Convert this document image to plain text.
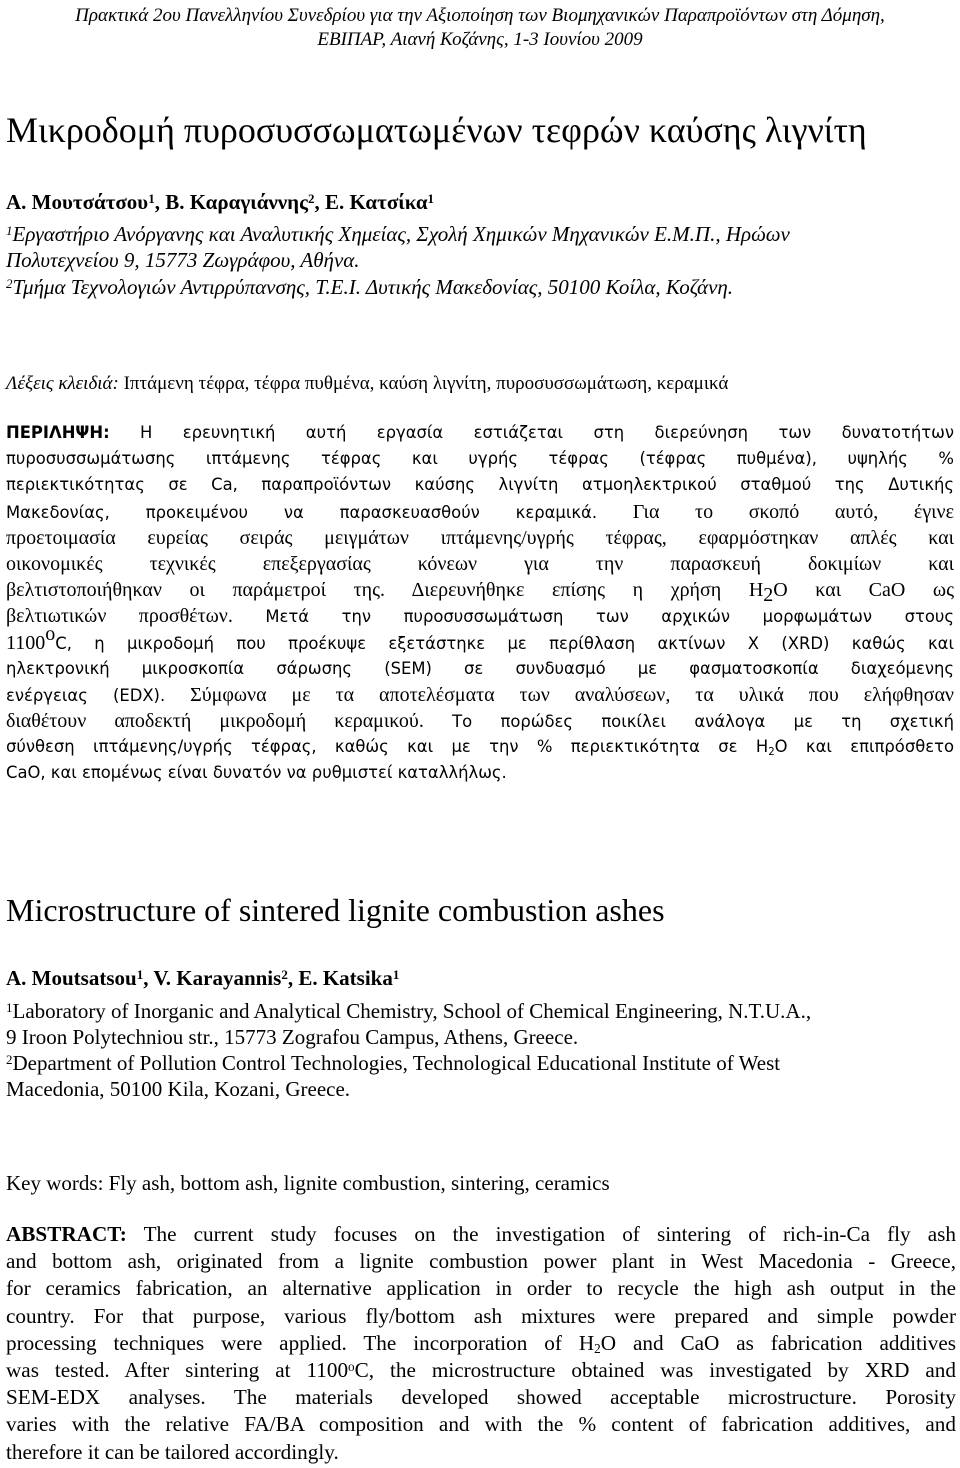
Πρακτικά 2ου Πανελληνίου Συνεδρίου για την Αξιοποίηση των Βιομηχανικών Παραπροϊόντων στη Δόμηση,
ΕΒΙΠΑΡ, Αιανή Κοζάνης, 1-3 Ιουνίου 2009
Μικροδομή πυροσυσσωματωμένων τεφρών καύσης λιγνίτη
Α. Μουτσάτσου$^1$, Β. Καραγιάννης$^2$, Ε. Κατσίκα$^1$
$^1$Εργαστήριο Ανόργανης και Αναλυτικής Χημείας, Σχολή Χημικών Μηχανικών Ε.Μ.Π., Ηρώων
Πολυτεχνείου 9, 15773 Ζωγράφου, Αθήνα.
$^2$Τμήμα Τεχνολογιών Αντιρρύπανσης, Τ.Ε.Ι. Δυτικής Μακεδονίας, 50100 Κοίλα, Κοζάνη.
Λέξεις κλειδιά: Ιπτάμενη τέφρα, τέφρα πυθμένα, καύση λιγνίτη, πυροσυσσωμάτωση, κεραμικά
ΠΕΡΙΛΗΨΗ: Η ερευνητική αυτή εργασία εστιάζεται στη διερεύνηση των δυνατοτήτων
πυροσυσσωμάτωσης ιπτάμενης τέφρας και υγρής τέφρας (τέφρας πυθμένα), υψηλής %
περιεκτικότητας σε Ca, παραπροϊόντων καύσης λιγνίτη ατμοηλεκτρικού σταθμού της Δυτικής
Μακεδονίας, προκειμένου να παρασκευασθούν κεραμικά. Για το σκοπό αυτό, έγινε
προετοιμασία ευρείας σειράς μειγμάτων ιπτάμενης/υγρής τέφρας, εφαρμόστηκαν απλές και
οικονομικές τεχνικές επεξεργασίας κόνεων για την παρασκευή δοκιμίων και
βελτιστοποιήθηκαν οι παράμετροί της. Διερευνήθηκε επίσης η χρήση $H_2O$ και CaO ως
βελτιωτικών προσθέτων. Μετά την πυροσυσσωμάτωση των αρχικών μορφωμάτων στους
$1100^oC$, η μικροδομή που προέκυψε εξετάστηκε με περίθλαση ακτίνων Χ (XRD) καθώς και
ηλεκτρονική μικροσκοπία σάρωσης (SEM) σε συνδυασμό με φασματοσκοπία διαχεόμενης
ενέργειας (EDX). Σύμφωνα με τα αποτελέσματα των αναλύσεων, τα υλικά που ελήφθησαν
διαθέτουν αποδεκτή μικροδομή κεραμικού. Το πορώδες ποικίλει ανάλογα με τη σχετική
σύνθεση ιπτάμενης/υγρής τέφρας, καθώς και με την % περιεκτικότητα σε $H_2O$ και επιπρόσθετο
CaO, και επομένως είναι δυνατόν να ρυθμιστεί καταλλήλως.
Microstructure of sintered lignite combustion ashes
A. Moutsatsou$^1$, V. Karayannis$^2$, E. Katsika$^1$
$^1$Laboratory of Inorganic and Analytical Chemistry, School of Chemical Engineering, N.T.U.A.,
9 Iroon Polytechniou str., 15773 Zografou Campus, Athens, Greece.
$^2$Department of Pollution Control Technologies, Technological Educational Institute of West
Macedonia, 50100 Kila, Kozani, Greece.
Key words: Fly ash, bottom ash, lignite combustion, sintering, ceramics
ABSTRACT: The current study focuses on the investigation of sintering of rich-in-Ca fly ash
and bottom ash, originated from a lignite combustion power plant in West Macedonia - Greece,
for ceramics fabrication, an alternative application in order to recycle the high ash output in the
country. For that purpose, various fly/bottom ash mixtures were prepared and simple powder
processing techniques were applied. The incorporation of $H_2O$ and CaO as fabrication additives
was tested. After sintering at 1100$^o$C, the microstructure obtained was investigated by XRD and
SEM-EDX analyses. The materials developed showed acceptable microstructure. Porosity
varies with the relative FA/BA composition and with the % content of fabrication additives, and
therefore it can be tailored accordingly.
